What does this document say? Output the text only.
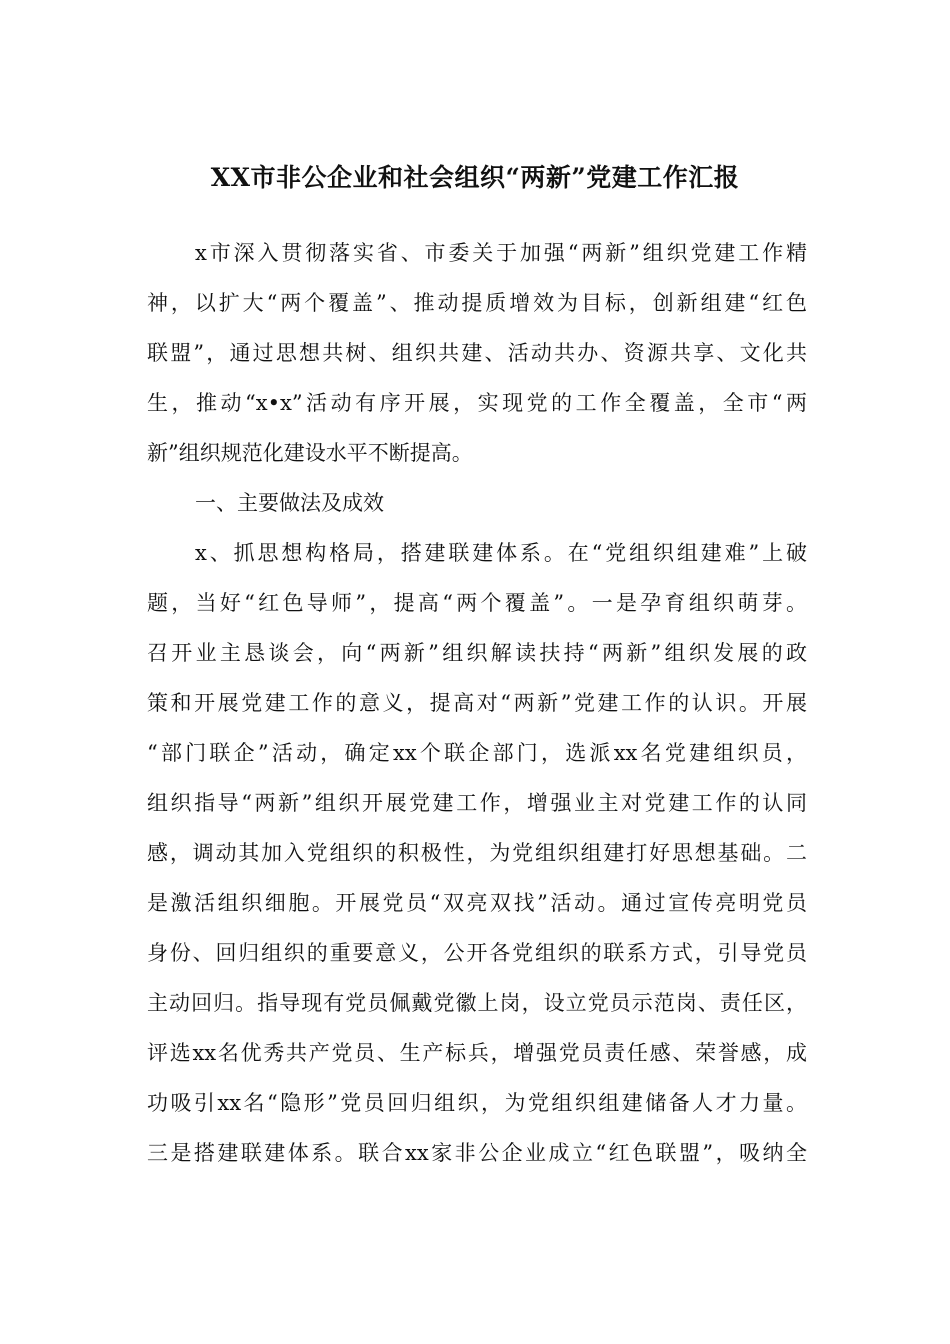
XX市非公企业和社会组织“两新”党建工作汇报
x市深入贯彻落实省、市委关于加强“两新”组织党建工作精
神，以扩大“两个覆盖”、推动提质增效为目标，创新组建“红色
联盟”，通过思想共树、组织共建、活动共办、资源共享、文化共
生，推动“x•x”活动有序开展，实现党的工作全覆盖，全市“两
新”组织规范化建设水平不断提高。
一、主要做法及成效
x、抓思想构格局，搭建联建体系。在“党组织组建难”上破
题，当好“红色导师”，提高“两个覆盖”。一是孕育组织萌芽。
召开业主恳谈会，向“两新”组织解读扶持“两新”组织发展的政
策和开展党建工作的意义，提高对“两新”党建工作的认识。开展
“部门联企”活动，确定xx个联企部门，选派xx名党建组织员，
组织指导“两新”组织开展党建工作，增强业主对党建工作的认同
感，调动其加入党组织的积极性，为党组织组建打好思想基础。二
是激活组织细胞。开展党员“双亮双找”活动。通过宣传亮明党员
身份、回归组织的重要意义，公开各党组织的联系方式，引导党员
主动回归。指导现有党员佩戴党徽上岗，设立党员示范岗、责任区，
评选xx名优秀共产党员、生产标兵，增强党员责任感、荣誉感，成
功吸引xx名“隐形”党员回归组织，为党组织组建储备人才力量。
三是搭建联建体系。联合xx家非公企业成立“红色联盟”，吸纳全
